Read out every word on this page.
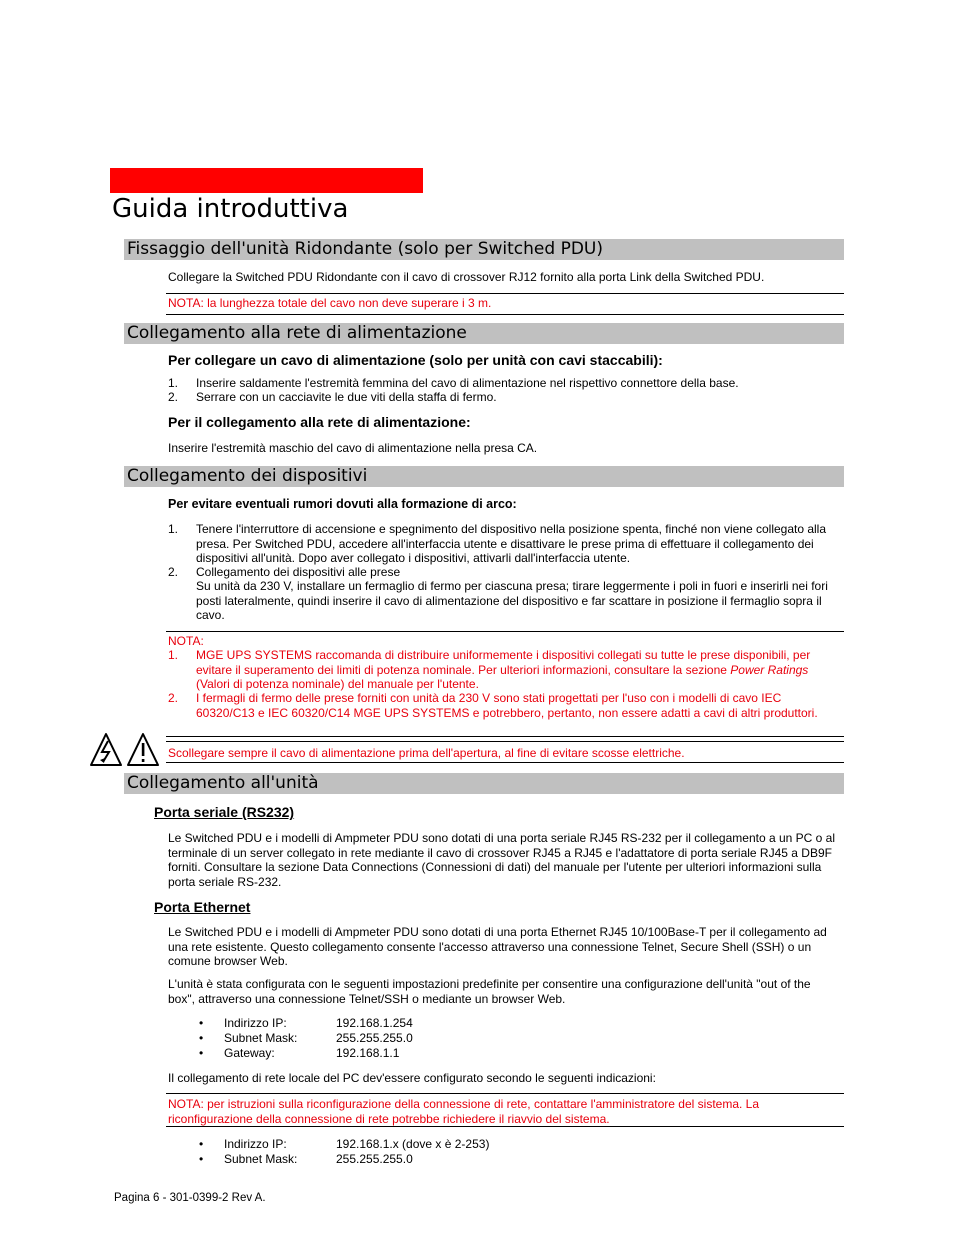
Guida introduttiva
Fissaggio dell'unità Ridondante (solo per Switched PDU)
Collegare la Switched PDU Ridondante con il cavo di crossover RJ12 fornito alla porta Link della Switched PDU.
NOTA: la lunghezza totale del cavo non deve superare i 3 m.
Collegamento alla rete di alimentazione
Per collegare un cavo di alimentazione (solo per unità con cavi staccabili):
1. Inserire saldamente l'estremità femmina del cavo di alimentazione nel rispettivo connettore della base.
2. Serrare con un cacciavite le due viti della staffa di fermo.
Per il collegamento alla rete di alimentazione:
Inserire l'estremità maschio del cavo di alimentazione nella presa CA.
Collegamento dei dispositivi
Per evitare eventuali rumori dovuti alla formazione di arco:
1. Tenere l'interruttore di accensione e spegnimento del dispositivo nella posizione spenta, finché non viene collegato alla presa. Per Switched PDU, accedere all'interfaccia utente e disattivare le prese prima di effettuare il collegamento dei dispositivi all'unità. Dopo aver collegato i dispositivi, attivarli dall'interfaccia utente.
2. Collegamento dei dispositivi alle prese
Su unità da 230 V, installare un fermaglio di fermo per ciascuna presa; tirare leggermente i poli in fuori e inserirli nei fori posti lateralmente, quindi inserire il cavo di alimentazione del dispositivo e far scattare in posizione il fermaglio sopra il cavo.
NOTA:
1. MGE UPS SYSTEMS raccomanda di distribuire uniformemente i dispositivi collegati su tutte le prese disponibili, per evitare il superamento dei limiti di potenza nominale. Per ulteriori informazioni, consultare la sezione Power Ratings (Valori di potenza nominale) del manuale per l'utente.
2. I fermagli di fermo delle prese forniti con unità da 230 V sono stati progettati per l'uso con i modelli di cavo IEC 60320/C13 e IEC 60320/C14 MGE UPS SYSTEMS e potrebbero, pertanto, non essere adatti a cavi di altri produttori.
Scollegare sempre il cavo di alimentazione prima dell'apertura, al fine di evitare scosse elettriche.
Collegamento all'unità
Porta seriale (RS232)
Le Switched PDU e i modelli di Ampmeter PDU sono dotati di una porta seriale RJ45 RS-232 per il collegamento a un PC o al terminale di un server collegato in rete mediante il cavo di crossover RJ45 a RJ45 e l'adattatore di porta seriale RJ45 a DB9F forniti. Consultare la sezione Data Connections (Connessioni di dati) del manuale per l'utente per ulteriori informazioni sulla porta seriale RS-232.
Porta Ethernet
Le Switched PDU e i modelli di Ampmeter PDU sono dotati di una porta Ethernet RJ45 10/100Base-T per il collegamento ad una rete esistente. Questo collegamento consente l'accesso attraverso una connessione Telnet, Secure Shell (SSH) o un comune browser Web.
L'unità è stata configurata con le seguenti impostazioni predefinite per consentire una configurazione dell'unità "out of the box", attraverso una connessione Telnet/SSH o mediante un browser Web.
• Indirizzo IP:	192.168.1.254
• Subnet Mask:	255.255.255.0
• Gateway:	192.168.1.1
Il collegamento di rete locale del PC dev'essere configurato secondo le seguenti indicazioni:
NOTA: per istruzioni sulla riconfigurazione della connessione di rete, contattare l'amministratore del sistema. La riconfigurazione della connessione di rete potrebbe richiedere il riavvio del sistema.
• Indirizzo IP:	192.168.1.x (dove x è 2-253)
• Subnet Mask:	255.255.255.0
Pagina 6 - 301-0399-2 Rev A.
